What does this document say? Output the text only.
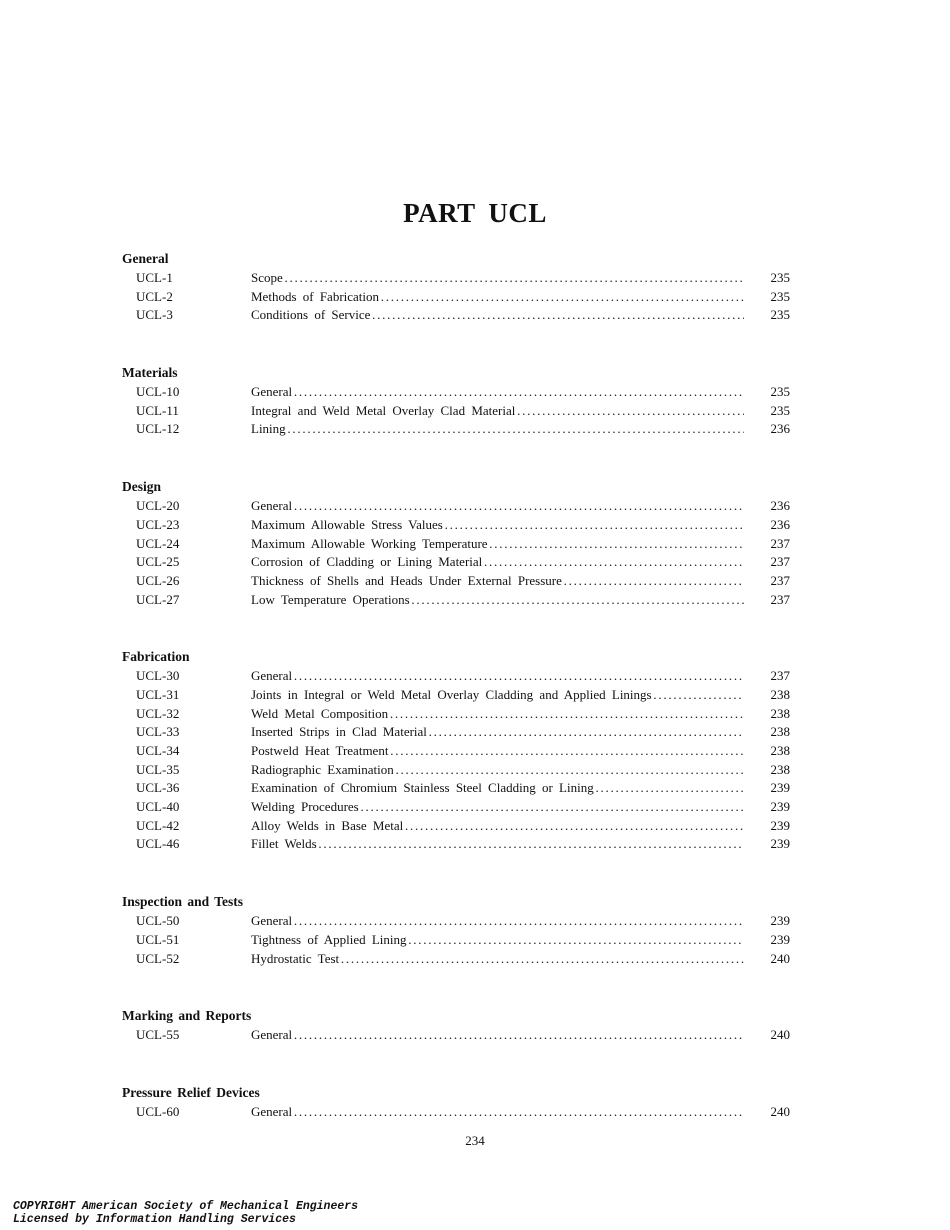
PART UCL
General
UCL-1	Scope . . .	235
UCL-2	Methods of Fabrication . . .	235
UCL-3	Conditions of Service . . .	235
Materials
UCL-10	General . . .	235
UCL-11	Integral and Weld Metal Overlay Clad Material . . .	235
UCL-12	Lining . . .	236
Design
UCL-20	General . . .	236
UCL-23	Maximum Allowable Stress Values . . .	236
UCL-24	Maximum Allowable Working Temperature . . .	237
UCL-25	Corrosion of Cladding or Lining Material . . .	237
UCL-26	Thickness of Shells and Heads Under External Pressure . . .	237
UCL-27	Low Temperature Operations . . .	237
Fabrication
UCL-30	General . . .	237
UCL-31	Joints in Integral or Weld Metal Overlay Cladding and Applied Linings . . .	238
UCL-32	Weld Metal Composition . . .	238
UCL-33	Inserted Strips in Clad Material . . .	238
UCL-34	Postweld Heat Treatment . . .	238
UCL-35	Radiographic Examination . . .	238
UCL-36	Examination of Chromium Stainless Steel Cladding or Lining . . .	239
UCL-40	Welding Procedures . . .	239
UCL-42	Alloy Welds in Base Metal . . .	239
UCL-46	Fillet Welds . . .	239
Inspection and Tests
UCL-50	General . . .	239
UCL-51	Tightness of Applied Lining . . .	239
UCL-52	Hydrostatic Test . . .	240
Marking and Reports
UCL-55	General . . .	240
Pressure Relief Devices
UCL-60	General . . .	240
234
COPYRIGHT American Society of Mechanical Engineers
Licensed by Information Handling Services
